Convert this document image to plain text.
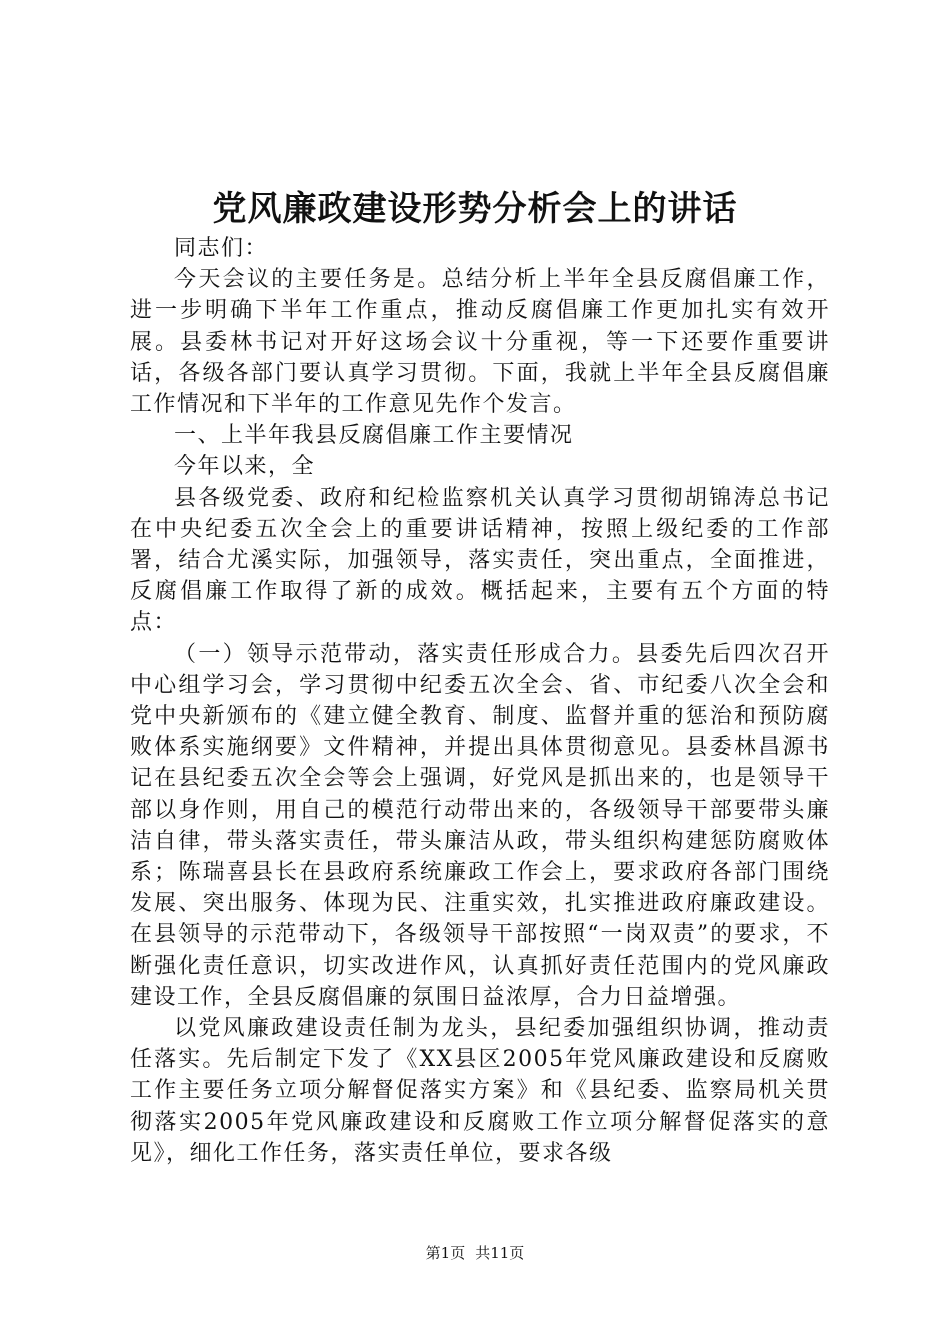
党风廉政建设形势分析会上的讲话

同志们：

今天会议的主要任务是。总结分析上半年全县反腐倡廉工作，进一步明确下半年工作重点，推动反腐倡廉工作更加扎实有效开展。县委林书记对开好这场会议十分重视，等一下还要作重要讲话，各级各部门要认真学习贯彻。下面，我就上半年全县反腐倡廉工作情况和下半年的工作意见先作个发言。

一、上半年我县反腐倡廉工作主要情况

今年以来，全

县各级党委、政府和纪检监察机关认真学习贯彻胡锦涛总书记在中央纪委五次全会上的重要讲话精神，按照上级纪委的工作部署，结合尤溪实际，加强领导，落实责任，突出重点，全面推进，反腐倡廉工作取得了新的成效。概括起来，主要有五个方面的特点：

（一）领导示范带动，落实责任形成合力。县委先后四次召开中心组学习会，学习贯彻中纪委五次全会、省、市纪委八次全会和党中央新颁布的《建立健全教育、制度、监督并重的惩治和预防腐败体系实施纲要》文件精神，并提出具体贯彻意见。县委林昌源书记在县纪委五次全会等会上强调，好党风是抓出来的，也是领导干部以身作则，用自己的模范行动带出来的，各级领导干部要带头廉洁自律，带头落实责任，带头廉洁从政，带头组织构建惩防腐败体系；陈瑞喜县长在县政府系统廉政工作会上，要求政府各部门围绕发展、突出服务、体现为民、注重实效，扎实推进政府廉政建设。在县领导的示范带动下，各级领导干部按照“一岗双责”的要求，不断强化责任意识，切实改进作风，认真抓好责任范围内的党风廉政建设工作，全县反腐倡廉的氛围日益浓厚，合力日益增强。

以党风廉政建设责任制为龙头，县纪委加强组织协调，推动责任落实。先后制定下发了《XX县区2005年党风廉政建设和反腐败工作主要任务立项分解督促落实方案》和《县纪委、监察局机关贯彻落实2005年党风廉政建设和反腐败工作立项分解督促落实的意见》，细化工作任务，落实责任单位，要求各级

第1页 共11页
